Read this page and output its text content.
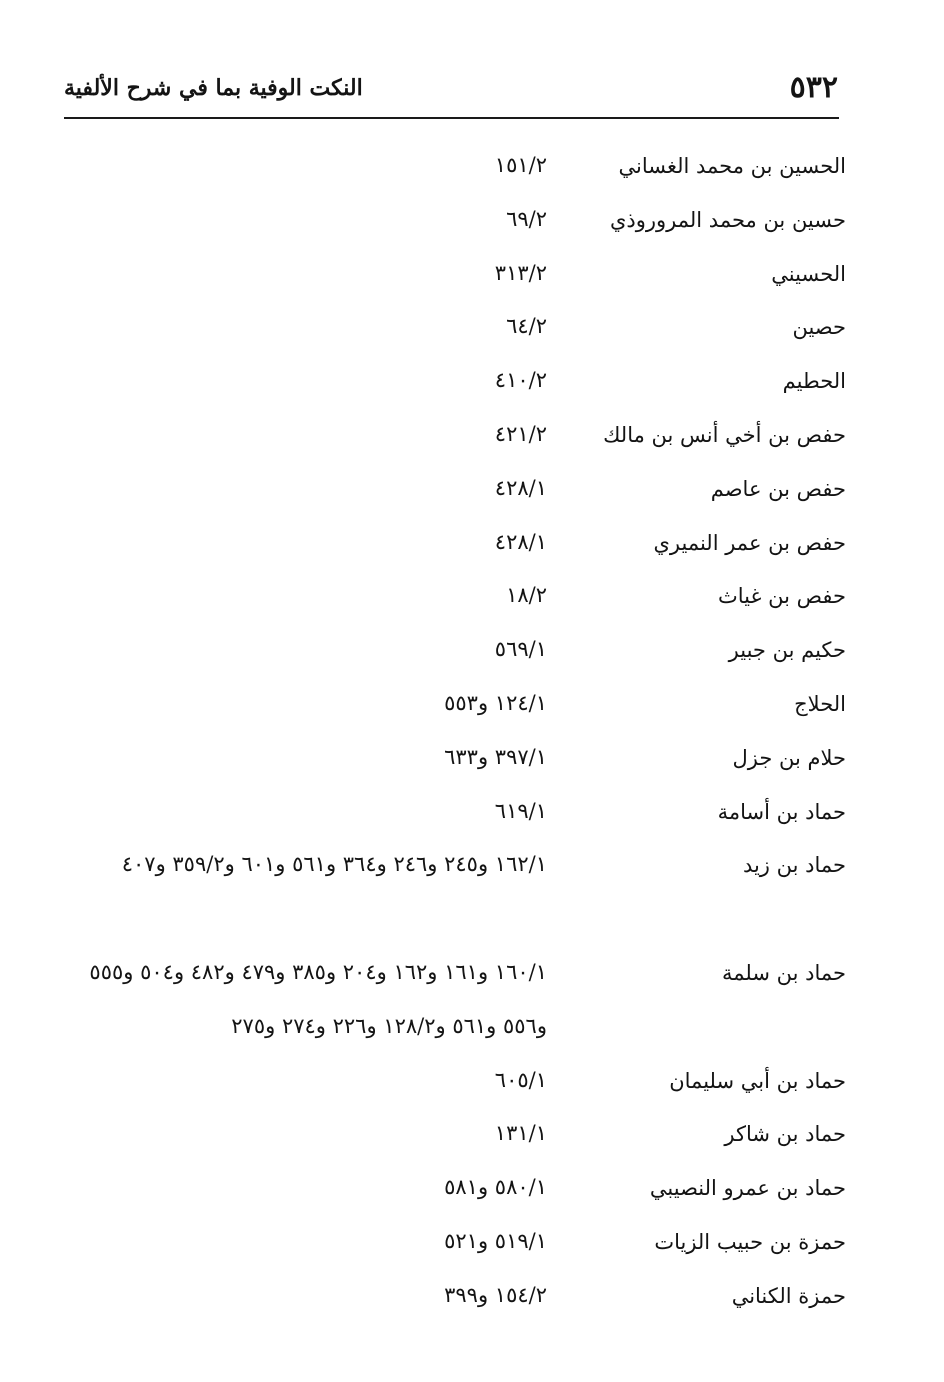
٥٣٢
النكت الوفية بما في شرح الألفية
الحسين بن محمد الغساني
١٥١/٢
حسين بن محمد المروروذي
٦٩/٢
الحسيني
٣١٣/٢
حصين
٦٤/٢
الحطيم
٤١٠/٢
حفص بن أخي أنس بن مالك
٤٢١/٢
حفص بن عاصم
٤٢٨/١
حفص بن عمر النميري
٤٢٨/١
حفص بن غياث
١٨/٢
حكيم بن جبير
٥٦٩/١
الحلاج
١٢٤/١ و٥٥٣
حلام بن جزل
٣٩٧/١ و٦٣٣
حماد بن أسامة
٦١٩/١
حماد بن زيد
١٦٢/١ و٢٤٥ و٢٤٦ و٣٦٤ و٥٦١ و٦٠١ و٣٥٩/٢ و٤٠٧
حماد بن سلمة
١٦٠/١ و١٦١ و١٦٢ و٢٠٤ و٣٨٥ و٤٧٩ و٤٨٢ و٥٠٤ و٥٥٥ و٥٥٦ و٥٦١ و١٢٨/٢ و٢٢٦ و٢٧٤ و٢٧٥
حماد بن أبي سليمان
٦٠٥/١
حماد بن شاكر
١٣١/١
حماد بن عمرو النصيبي
٥٨٠/١ و٥٨١
حمزة بن حبيب الزيات
٥١٩/١ و٥٢١
حمزة الكناني
١٥٤/٢ و٣٩٩
